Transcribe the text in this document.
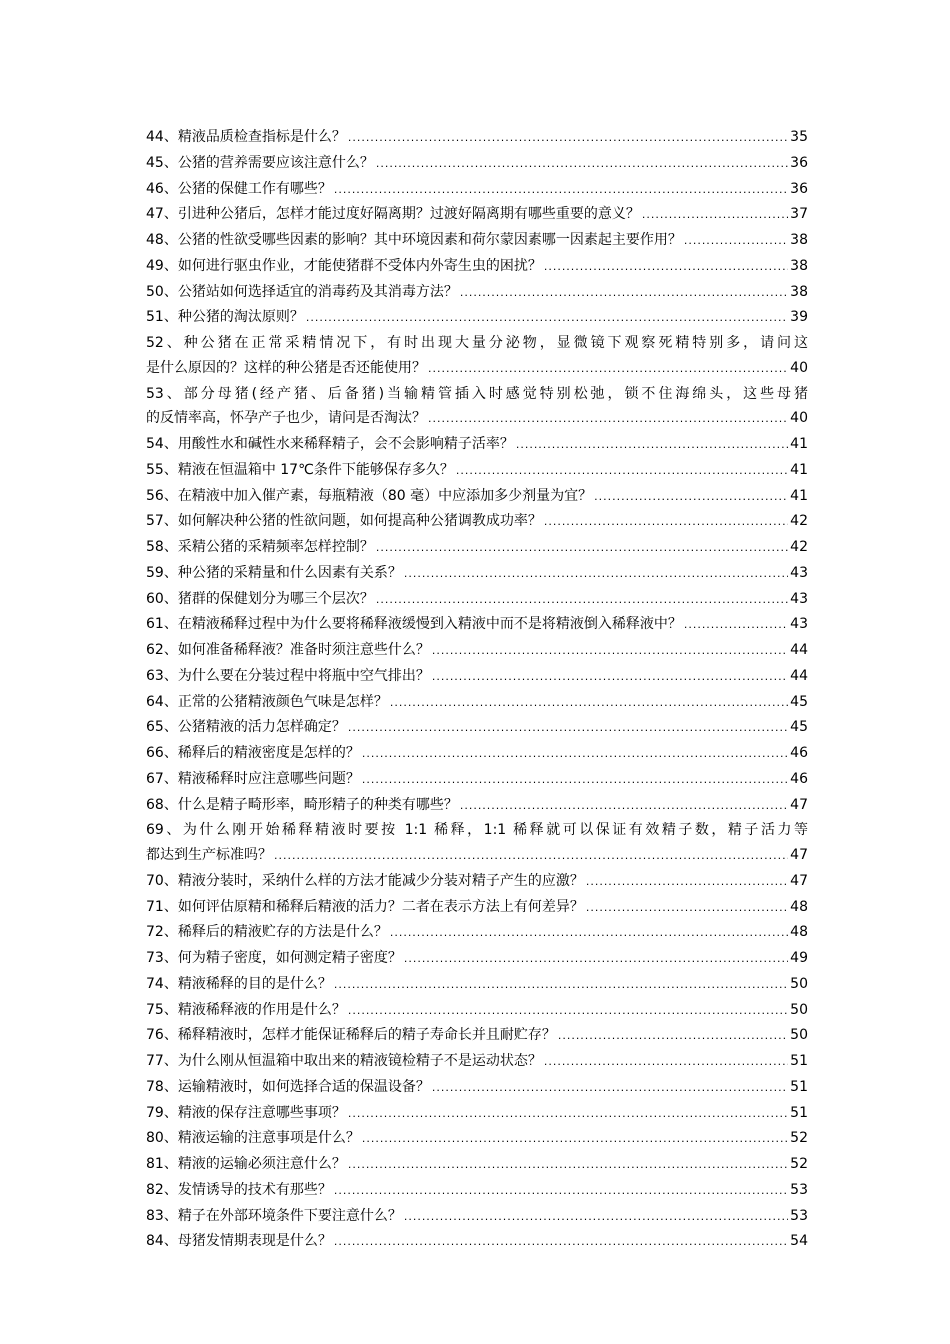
44、精液品质检查指标是什么？ .....	35
45、公猪的营养需要应该注意什么？ .....	36
46、公猪的保健工作有哪些？ .....	36
47、引进种公猪后，怎样才能过度好隔离期？过渡好隔离期有哪些重要的意义？ .....	37
48、公猪的性欲受哪些因素的影响？其中环境因素和荷尔蒙因素哪一因素起主要作用？ .....	38
49、如何进行驱虫作业，才能使猪群不受体内外寄生虫的困扰？ .....	38
50、公猪站如何选择适宜的消毒药及其消毒方法？ .....	38
51、种公猪的淘汰原则？ .....	39
52、种公猪在正常采精情况下，有时出现大量分泌物，显微镜下观察死精特别多，请问这
是什么原因的？这样的种公猪是否还能使用？ .....	40
53、部分母猪(经产猪、后备猪)当输精管插入时感觉特别松弛，锁不住海绵头，这些母猪
的反情率高，怀孕产子也少，请问是否淘汰？ .....	40
54、用酸性水和碱性水来稀释精子，会不会影响精子活率？ .....	41
55、精液在恒温箱中 17℃条件下能够保存多久？ .....	41
56、在精液中加入催产素，每瓶精液（80 毫）中应添加多少剂量为宜？ .....	41
57、如何解决种公猪的性欲问题，如何提高种公猪调教成功率？ .....	42
58、采精公猪的采精频率怎样控制？ .....	42
59、种公猪的采精量和什么因素有关系？ .....	43
60、猪群的保健划分为哪三个层次？ .....	43
61、在精液稀释过程中为什么要将稀释液缓慢到入精液中而不是将精液倒入稀释液中？ .....	43
62、如何准备稀释液？准备时须注意些什么？ .....	44
63、为什么要在分装过程中将瓶中空气排出？ .....	44
64、正常的公猪精液颜色气味是怎样？ .....	45
65、公猪精液的活力怎样确定？ .....	45
66、稀释后的精液密度是怎样的？ .....	46
67、精液稀释时应注意哪些问题？ .....	46
68、什么是精子畸形率，畸形精子的种类有哪些？ .....	47
69、为什么刚开始稀释精液时要按 1:1 稀释，1:1 稀释就可以保证有效精子数，精子活力等
都达到生产标准吗？ .....	47
70、精液分装时，采纳什么样的方法才能减少分装对精子产生的应激？ .....	47
71、如何评估原精和稀释后精液的活力？二者在表示方法上有何差异？ .....	48
72、稀释后的精液贮存的方法是什么？ .....	48
73、何为精子密度，如何测定精子密度？ .....	49
74、精液稀释的目的是什么？ .....	50
75、精液稀释液的作用是什么？ .....	50
76、稀释精液时，怎样才能保证稀释后的精子寿命长并且耐贮存？ .....	50
77、为什么刚从恒温箱中取出来的精液镜检精子不是运动状态？ .....	51
78、运输精液时，如何选择合适的保温设备？ .....	51
79、精液的保存注意哪些事项？ .....	51
80、精液运输的注意事项是什么？ .....	52
81、精液的运输必须注意什么？ .....	52
82、发情诱导的技术有那些？ .....	53
83、精子在外部环境条件下要注意什么？ .....	53
84、母猪发情期表现是什么？ .....	54
